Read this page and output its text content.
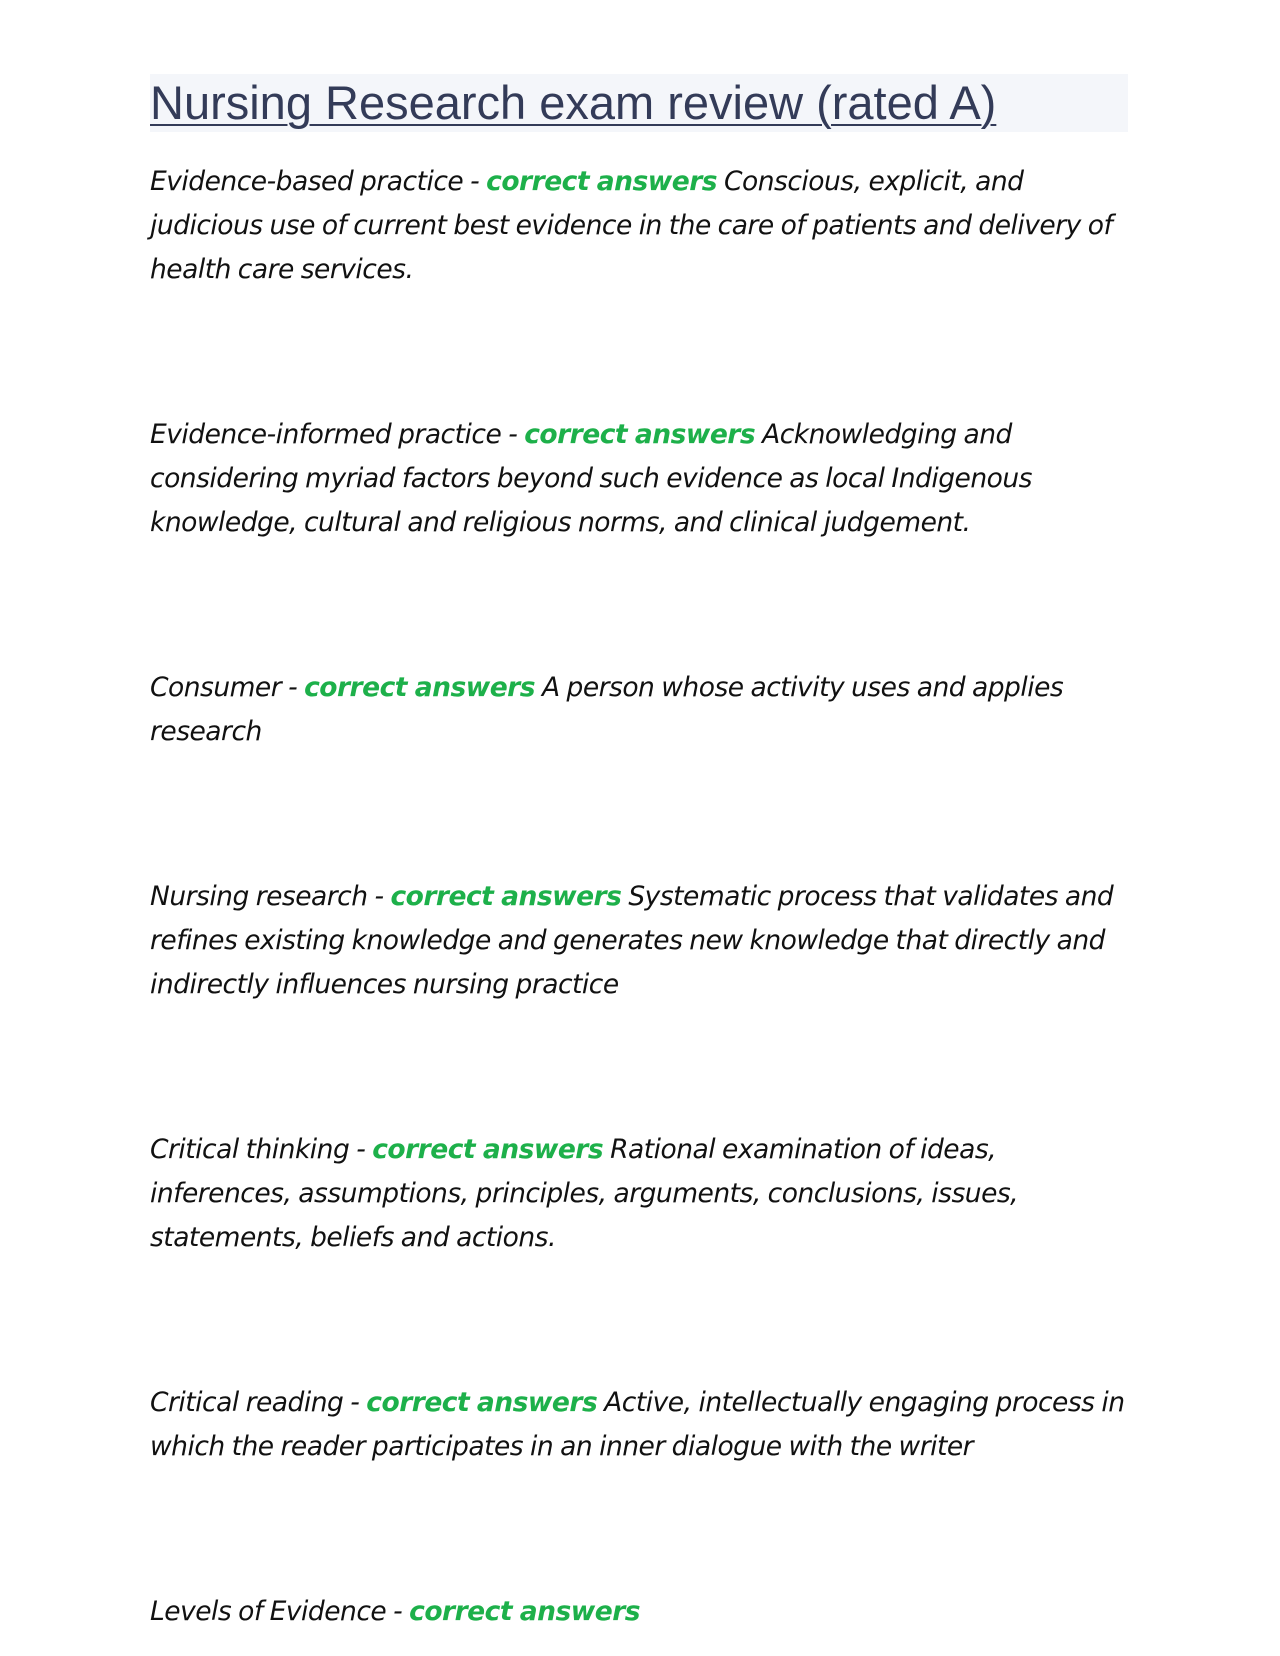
Nursing Research exam review (rated A)

Evidence-based practice - correct answers Conscious, explicit, and judicious use of current best evidence in the care of patients and delivery of health care services.

Evidence-informed practice - correct answers Acknowledging and considering myriad factors beyond such evidence as local Indigenous knowledge, cultural and religious norms, and clinical judgement.

Consumer - correct answers A person whose activity uses and applies research

Nursing research - correct answers Systematic process that validates and refines existing knowledge and generates new knowledge that directly and indirectly influences nursing practice

Critical thinking - correct answers Rational examination of ideas, inferences, assumptions, principles, arguments, conclusions, issues, statements, beliefs and actions.

Critical reading - correct answers Active, intellectually engaging process in which the reader participates in an inner dialogue with the writer

Levels of Evidence - correct answers
